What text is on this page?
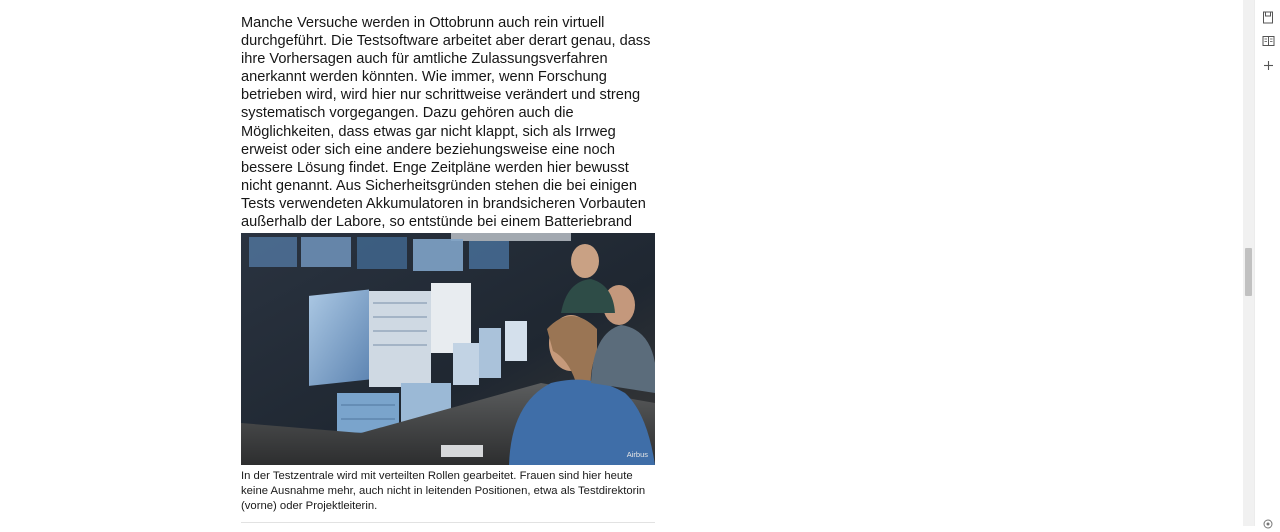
Manche Versuche werden in Ottobrunn auch rein virtuell durchgeführt. Die Testsoftware arbeitet aber derart genau, dass ihre Vorhersagen auch für amtliche Zulassungsverfahren anerkannt werden könnten. Wie immer, wenn Forschung betrieben wird, wird hier nur schrittweise verändert und streng systematisch vorgegangen. Dazu gehören auch die Möglichkeiten, dass etwas gar nicht klappt, sich als Irrweg erweist oder sich eine andere beziehungsweise eine noch bessere Lösung findet. Enge Zeitpläne werden hier bewusst nicht genannt. Aus Sicherheitsgründen stehen die bei einigen Tests verwendeten Akkumulatoren in brandsicheren Vorbauten außerhalb der Labore, so entstünde bei einem Batteriebrand

Airbus

In der Testzentrale wird mit verteilten Rollen gearbeitet. Frauen sind hier heute keine Ausnahme mehr, auch nicht in leitenden Positionen, etwa als Testdirektorin (vorne) oder Projektleiterin.
